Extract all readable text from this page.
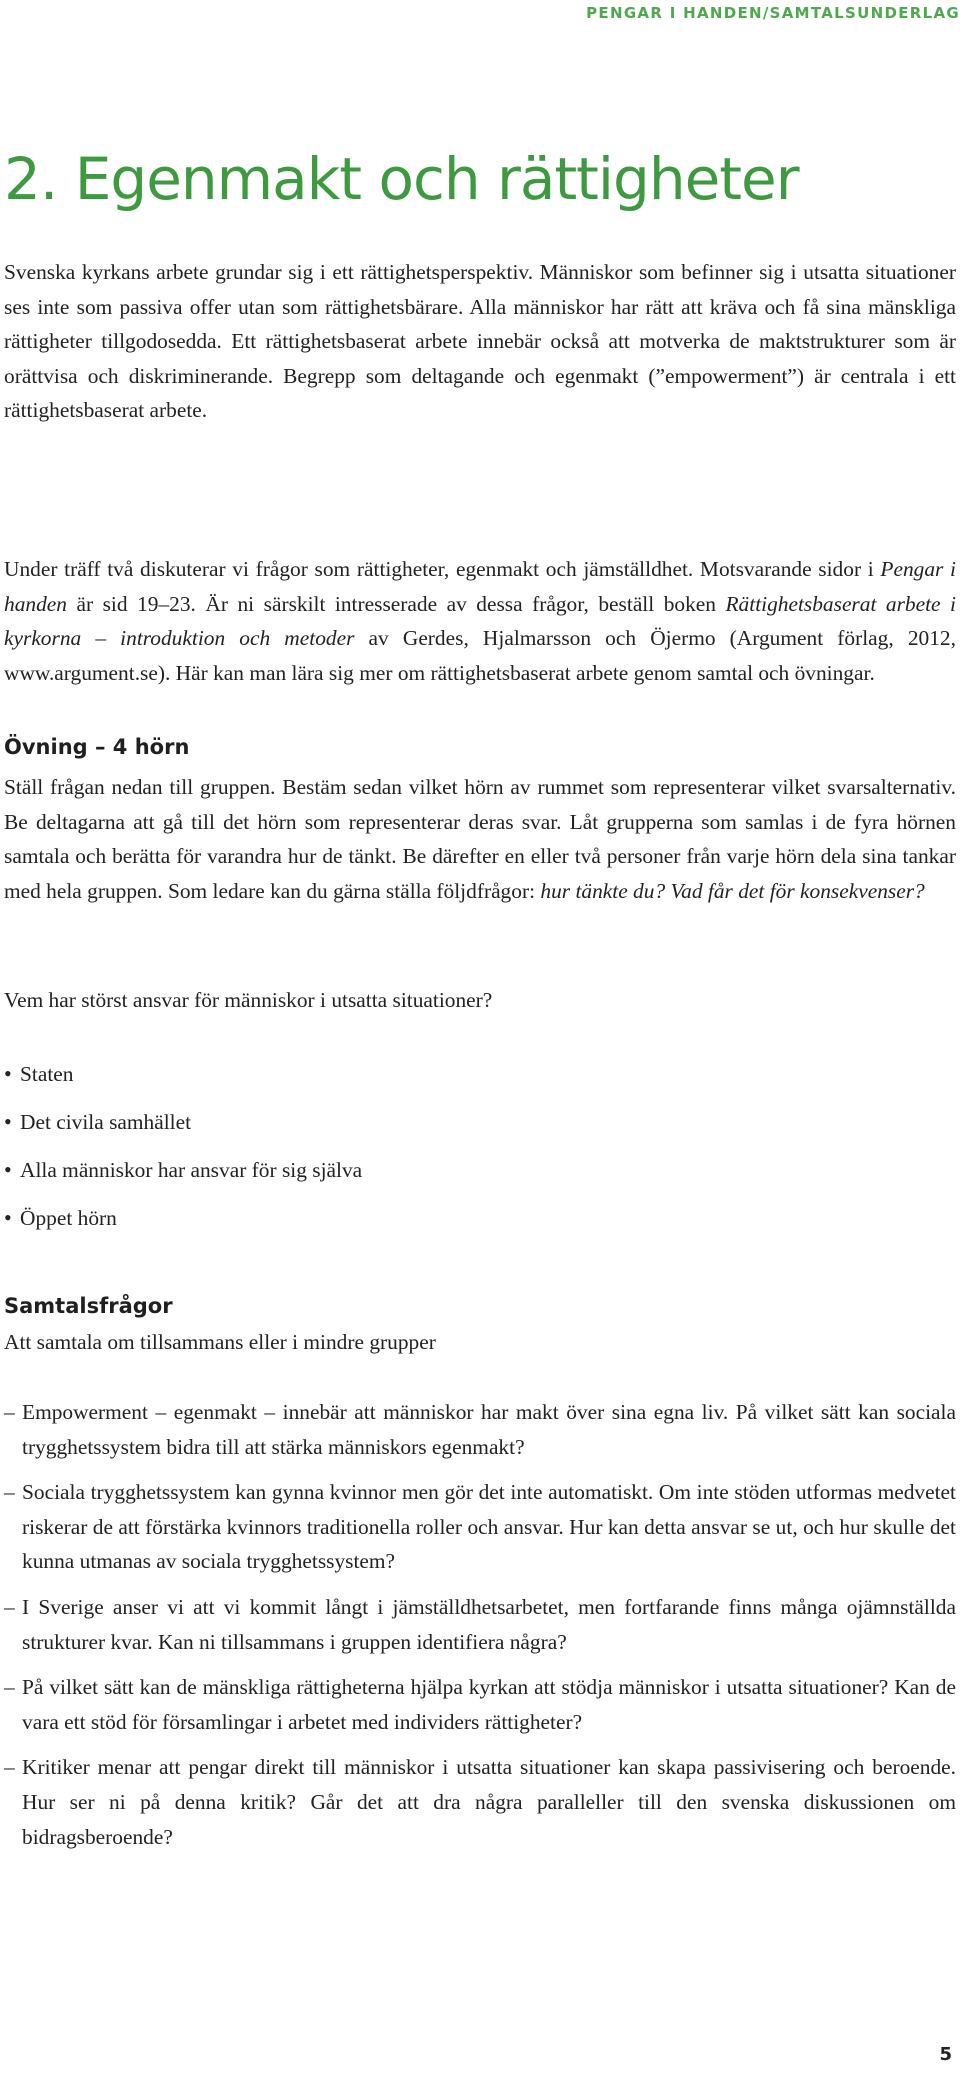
PENGAR I HANDEN/SAMTALSUNDERLAG
2. Egenmakt och rättigheter

Svenska kyrkans arbete grundar sig i ett rättighetsperspektiv. Människor som befinner sig i utsatta situationer ses inte som passiva offer utan som rättighetsbärare. Alla människor har rätt att kräva och få sina mänskliga rättigheter tillgodosedda. Ett rättighetsbaserat arbete innebär också att motverka de maktstrukturer som är orättvisa och diskriminerande. Begrepp som deltagande och egenmakt (”empowerment”) är centrala i ett rättighetsbaserat arbete.

Under träff två diskuterar vi frågor som rättigheter, egenmakt och jämställdhet. Motsvarande sidor i Pengar i handen är sid 19–23. Är ni särskilt intresserade av dessa frågor, beställ boken Rättighetsbaserat arbete i kyrkorna – introduktion och metoder av Gerdes, Hjalmarsson och Öjermo (Argument förlag, 2012, www.argument.se). Här kan man lära sig mer om rättighetsbaserat arbete genom samtal och övningar.

Övning – 4 hörn

Ställ frågan nedan till gruppen. Bestäm sedan vilket hörn av rummet som representerar vilket svarsalternativ. Be deltagarna att gå till det hörn som representerar deras svar. Låt grupperna som samlas i de fyra hörnen samtala och berätta för varandra hur de tänkt. Be därefter en eller två personer från varje hörn dela sina tankar med hela gruppen. Som ledare kan du gärna ställa följdfrågor: hur tänkte du? Vad får det för konsekvenser?

Vem har störst ansvar för människor i utsatta situationer?

• Staten
• Det civila samhället
• Alla människor har ansvar för sig själva
• Öppet hörn
Samtalsfrågor

Att samtala om tillsammans eller i mindre grupper

– Empowerment – egenmakt – innebär att människor har makt över sina egna liv. På vilket sätt kan sociala trygghetssystem bidra till att stärka människors egenmakt?
– Sociala trygghetssystem kan gynna kvinnor men gör det inte automatiskt. Om inte stöden utformas medvetet riskerar de att förstärka kvinnors traditionella roller och ansvar. Hur kan detta ansvar se ut, och hur skulle det kunna utmanas av sociala trygghetssystem?
– I Sverige anser vi att vi kommit långt i jämställdhetsarbetet, men fortfarande finns många ojämnställda strukturer kvar. Kan ni tillsammans i gruppen identifiera några?
– På vilket sätt kan de mänskliga rättigheterna hjälpa kyrkan att stödja människor i utsatta situationer? Kan de vara ett stöd för församlingar i arbetet med individers rättigheter?
– Kritiker menar att pengar direkt till människor i utsatta situationer kan skapa passivisering och beroende. Hur ser ni på denna kritik? Går det att dra några paralleller till den svenska diskussionen om bidragsberoende?
5
